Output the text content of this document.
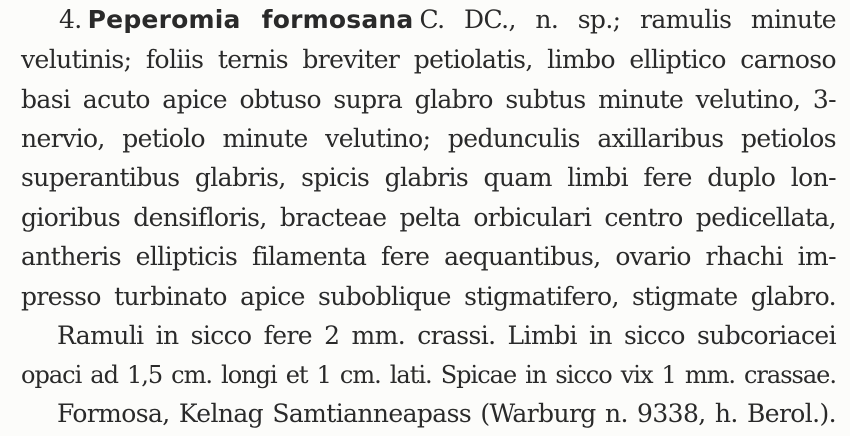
4. Peperomia formosana C. DC., n. sp.; ramulis minute
velutinis; foliis ternis breviter petiolatis, limbo elliptico carnoso
basi acuto apice obtuso supra glabro subtus minute velutino, 3-
nervio, petiolo minute velutino; pedunculis axillaribus petiolos
superantibus glabris, spicis glabris quam limbi fere duplo lon-
gioribus densifloris, bracteae pelta orbiculari centro pedicellata,
antheris ellipticis filamenta fere aequantibus, ovario rhachi im-
presso turbinato apice suboblique stigmatifero, stigmate glabro.
Ramuli in sicco fere 2 mm. crassi. Limbi in sicco subcoriacei
opaci ad 1,5 cm. longi et 1 cm. lati. Spicae in sicco vix 1 mm. crassae.
Formosa, Kelnag Samtianneapass (Warburg n. 9338, h. Berol.).
